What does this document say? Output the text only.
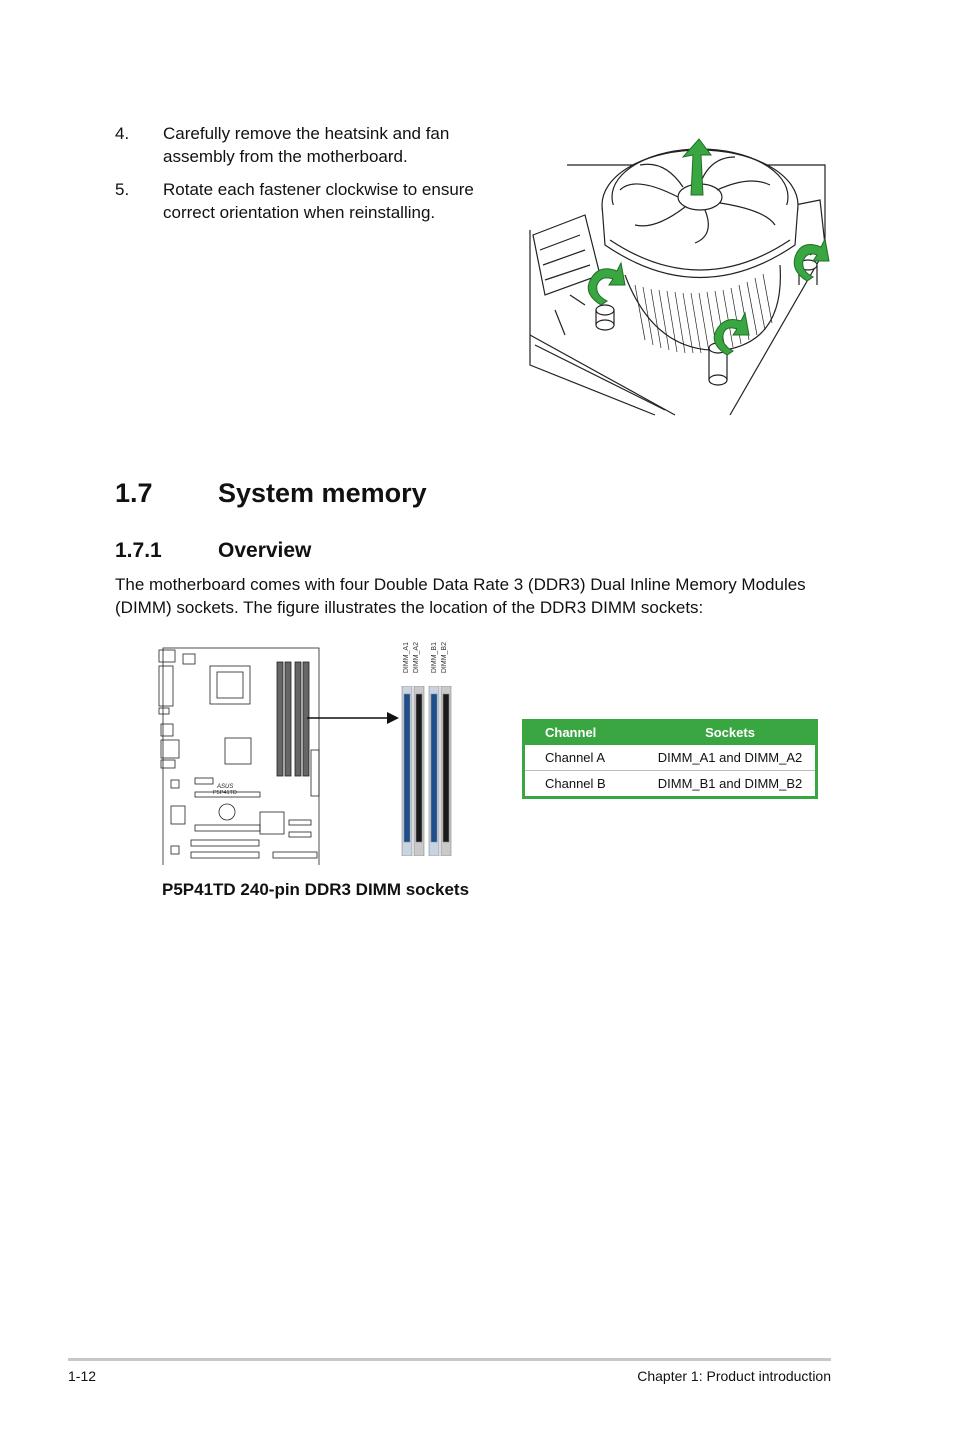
4. Carefully remove the heatsink and fan assembly from the motherboard.
5. Rotate each fastener clockwise to ensure correct orientation when reinstalling.
1.7 System memory
1.7.1	Overview
The motherboard comes with four Double Data Rate 3 (DDR3) Dual Inline Memory Modules (DIMM) sockets. The figure illustrates the location of the DDR3 DIMM sockets:
ASUS
P5P41TD
DIMM_A1 DIMM_A2 DIMM_B1 DIMM_B2
Channel	Sockets
Channel A	DIMM_A1 and DIMM_A2
Channel B	DIMM_B1 and DIMM_B2
P5P41TD 240-pin DDR3 DIMM sockets
1-12	Chapter 1: Product introduction
